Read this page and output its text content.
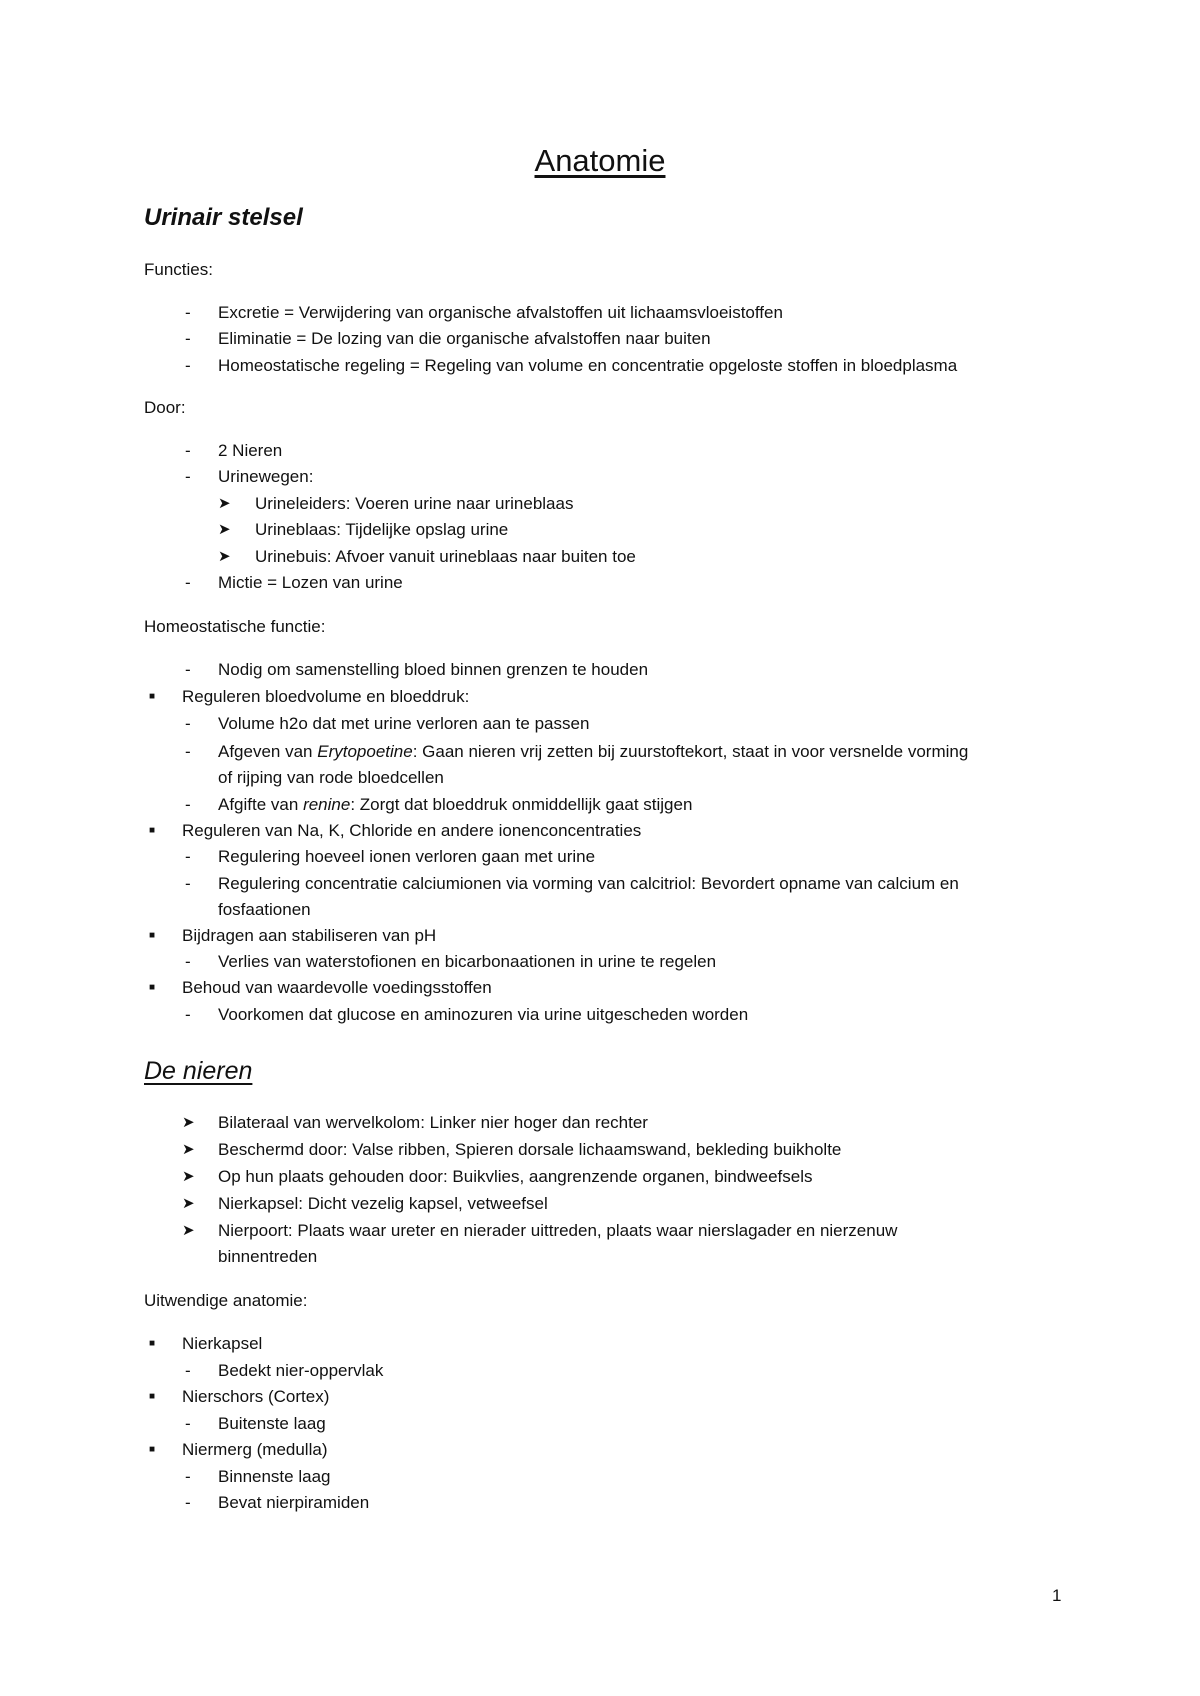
Anatomie
Urinair stelsel
Functies:
- Excretie = Verwijdering van organische afvalstoffen uit lichaamsvloeistoffen
- Eliminatie = De lozing van die organische afvalstoffen naar buiten
- Homeostatische regeling = Regeling van volume en concentratie opgeloste stoffen in bloedplasma
Door:
- 2 Nieren
- Urinewegen:
➤ Urineleiders: Voeren urine naar urineblaas
➤ Urineblaas: Tijdelijke opslag urine
➤ Urinebuis: Afvoer vanuit urineblaas naar buiten toe
- Mictie = Lozen van urine
Homeostatische functie:
- Nodig om samenstelling bloed binnen grenzen te houden
■ Reguleren bloedvolume en bloeddruk:
- Volume h2o dat met urine verloren aan te passen
- Afgeven van Erytopoetine: Gaan nieren vrij zetten bij zuurstoftekort, staat in voor versnelde vorming
of rijping van rode bloedcellen
- Afgifte van renine: Zorgt dat bloeddruk onmiddellijk gaat stijgen
■ Reguleren van Na, K, Chloride en andere ionenconcentraties
- Regulering hoeveel ionen verloren gaan met urine
- Regulering concentratie calciumionen via vorming van calcitriol: Bevordert opname van calcium en
fosfaationen
■ Bijdragen aan stabiliseren van pH
- Verlies van waterstofionen en bicarbonaationen in urine te regelen
■ Behoud van waardevolle voedingsstoffen
- Voorkomen dat glucose en aminozuren via urine uitgescheden worden
De nieren
➤ Bilateraal van wervelkolom: Linker nier hoger dan rechter
➤ Beschermd door: Valse ribben, Spieren dorsale lichaamswand, bekleding buikholte
➤ Op hun plaats gehouden door: Buikvlies, aangrenzende organen, bindweefsels
➤ Nierkapsel: Dicht vezelig kapsel, vetweefsel
➤ Nierpoort: Plaats waar ureter en nierader uittreden, plaats waar nierslagader en nierzenuw
binnentreden
Uitwendige anatomie:
■ Nierkapsel
- Bedekt nier-oppervlak
■ Nierschors (Cortex)
- Buitenste laag
■ Niermerg (medulla)
- Binnenste laag
- Bevat nierpiramiden
1
